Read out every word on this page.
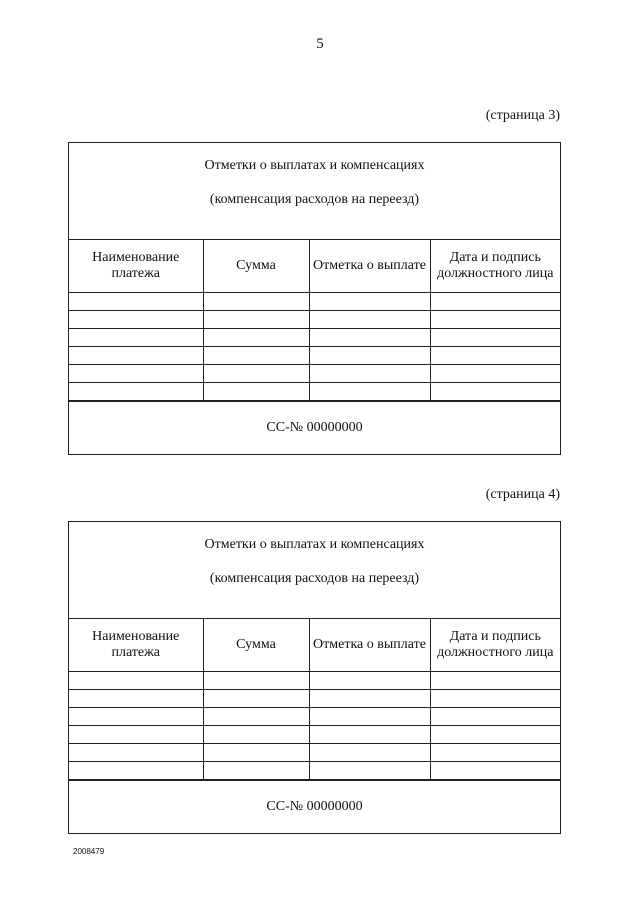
5
(страница 3)
Отметки о выплатах и компенсациях
(компенсация расходов на переезд)
Наименование платежа	Сумма	Отметка о выплате	Дата и подпись должностного лица

СС-№ 00000000
(страница 4)
Отметки о выплатах и компенсациях
(компенсация расходов на переезд)
Наименование платежа	Сумма	Отметка о выплате	Дата и подпись должностного лица

СС-№ 00000000
2008479
